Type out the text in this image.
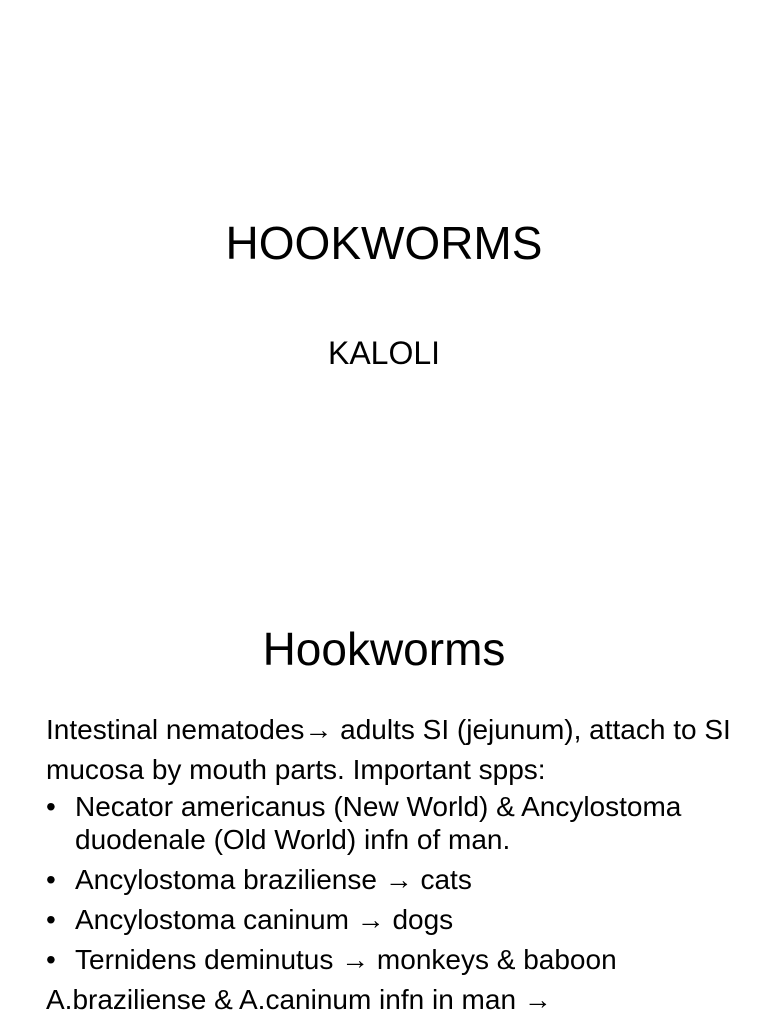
HOOKWORMS
KALOLI
Hookworms

Intestinal nematodes→ adults SI (jejunum), attach to SI mucosa by mouth parts. Important spps:

• Necator americanus (New World) & Ancylostoma duodenale (Old World) infn of man.
• Ancylostoma braziliense → cats
• Ancylostoma caninum → dogs
• Ternidens deminutus → monkeys & baboon

A.braziliense & A.caninum infn in man →
